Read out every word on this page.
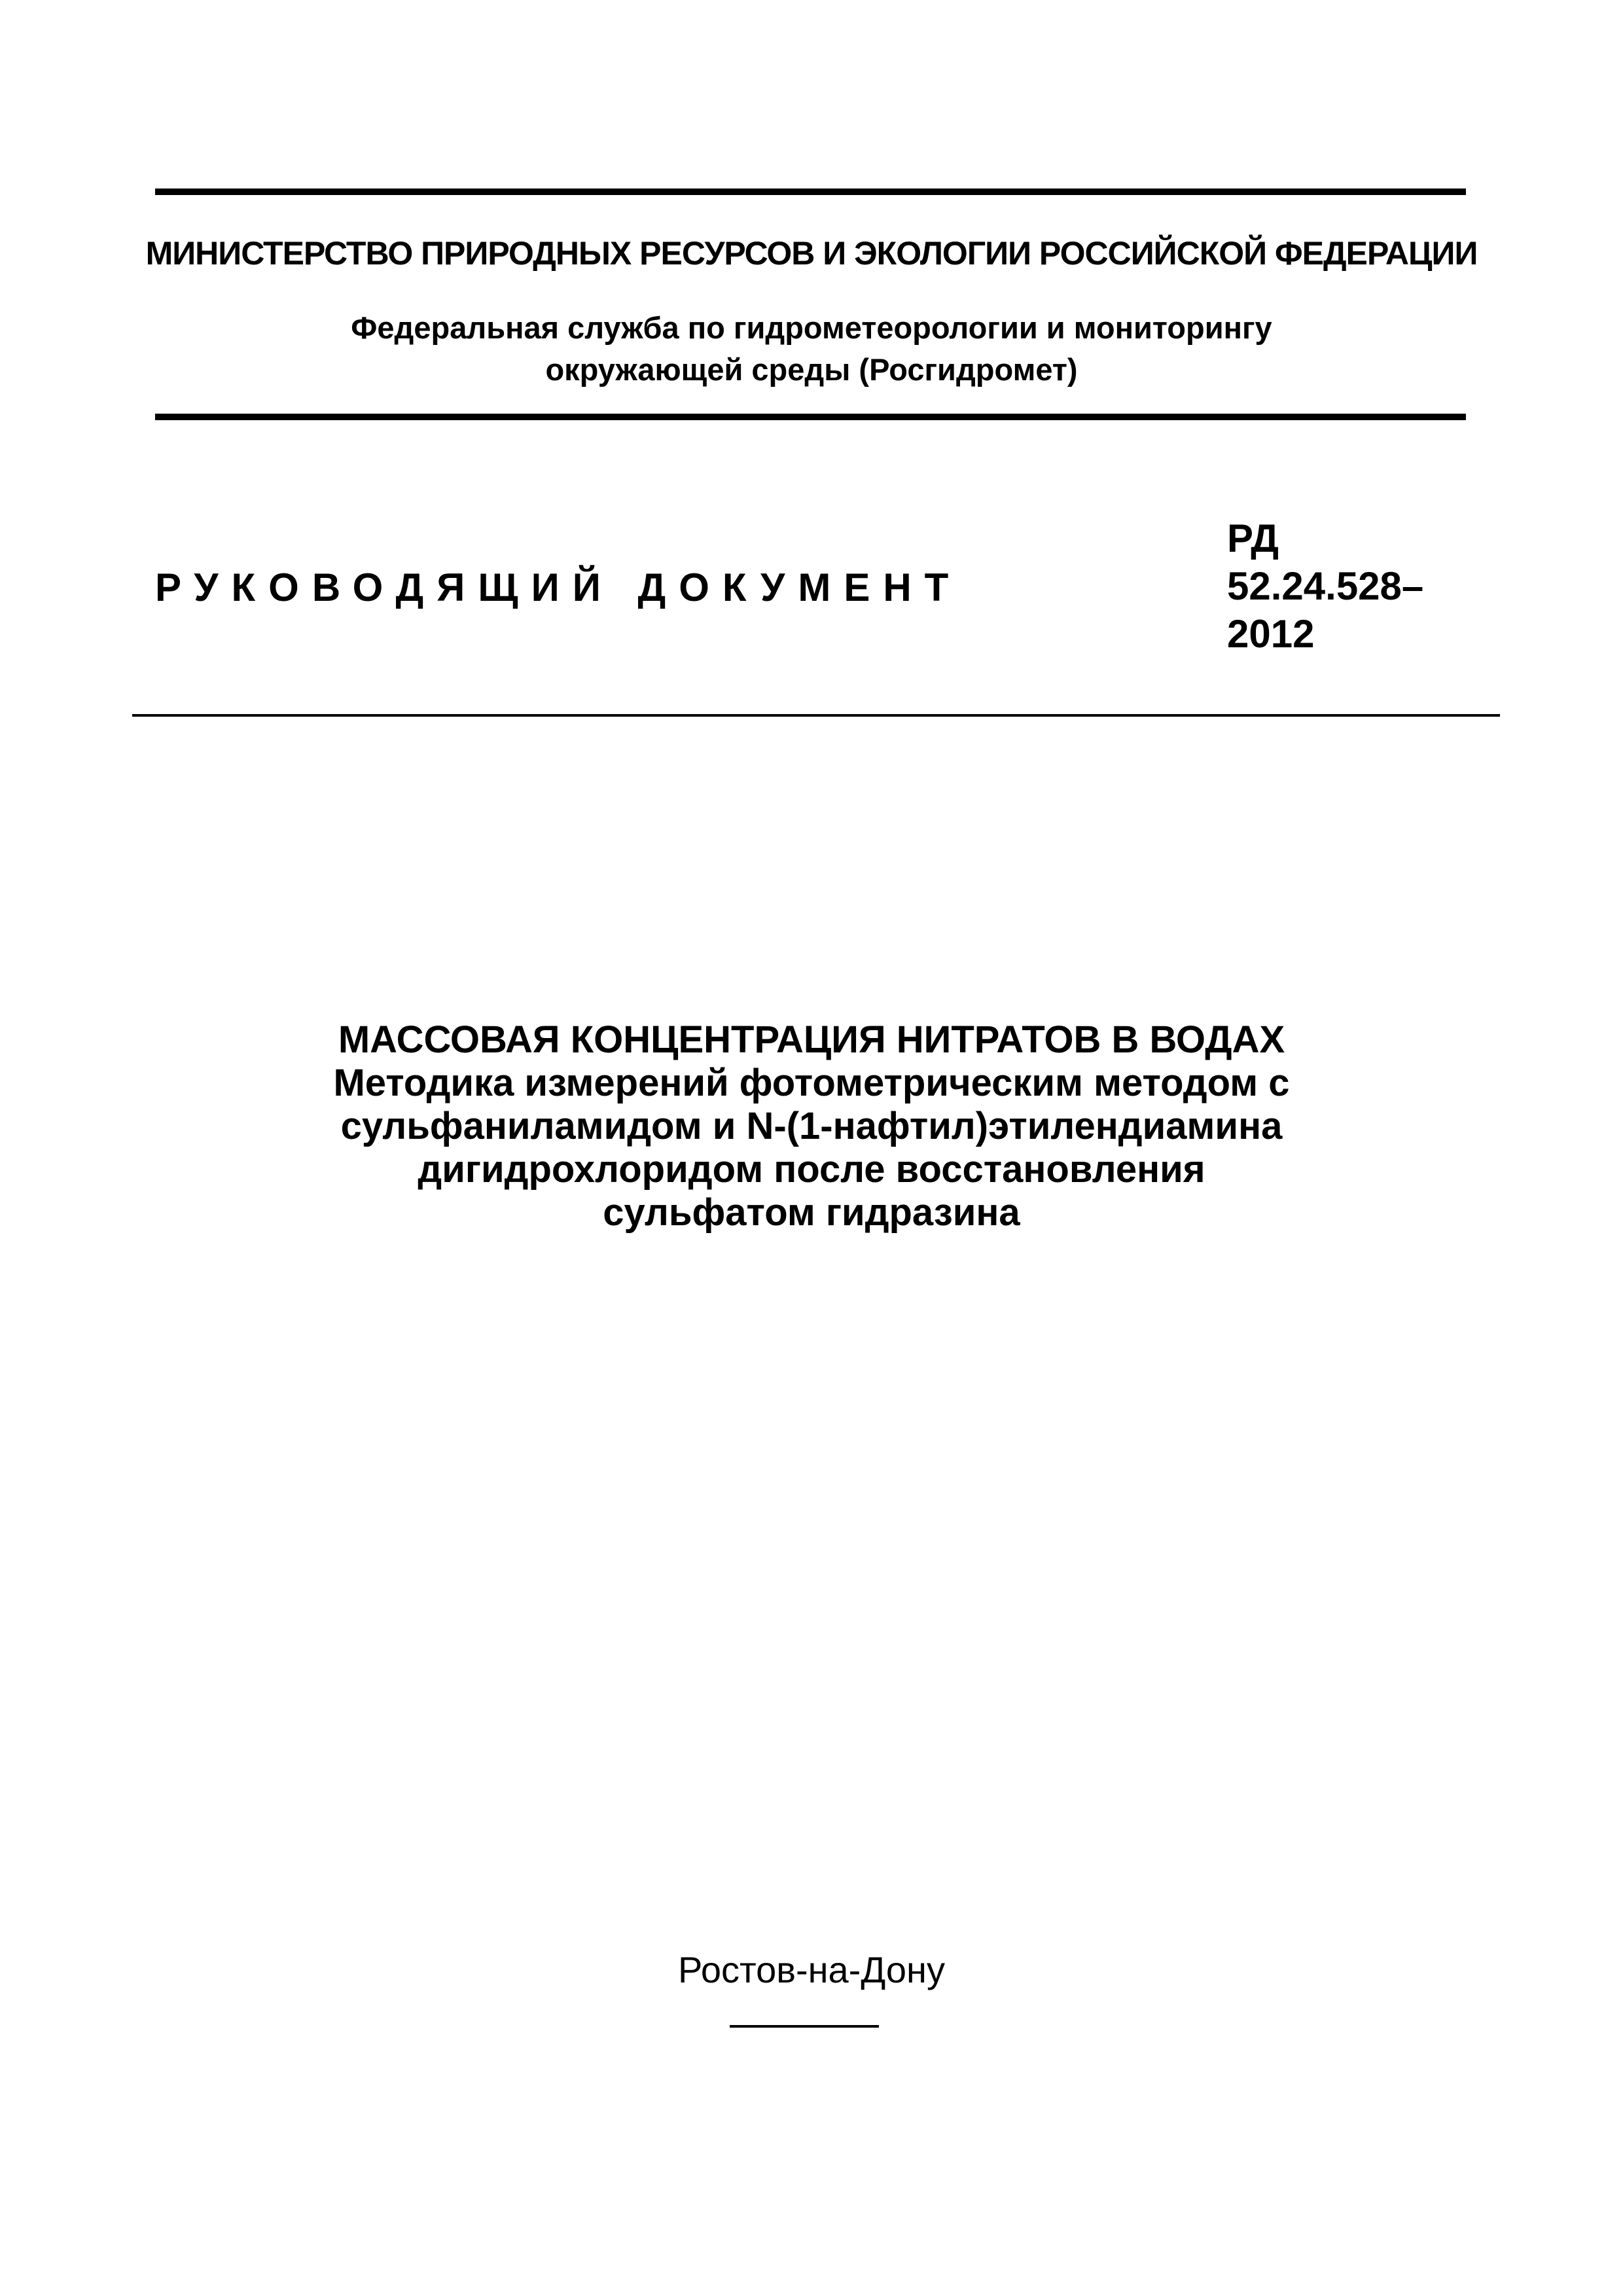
МИНИСТЕРСТВО ПРИРОДНЫХ РЕСУРСОВ И ЭКОЛОГИИ РОССИЙСКОЙ ФЕДЕРАЦИИ
Федеральная служба по гидрометеорологии и мониторингу
окружающей среды (Росгидромет)
РУКОВОДЯЩИЙ ДОКУМЕНТ
РД
52.24.528–
2012
МАССОВАЯ КОНЦЕНТРАЦИЯ НИТРАТОВ В ВОДАХ
Методика измерений фотометрическим методом с
сульфаниламидом и N-(1-нафтил)этилендиамина
дигидрохлоридом после восстановления
сульфатом гидразина
Ростов-на-Дону
